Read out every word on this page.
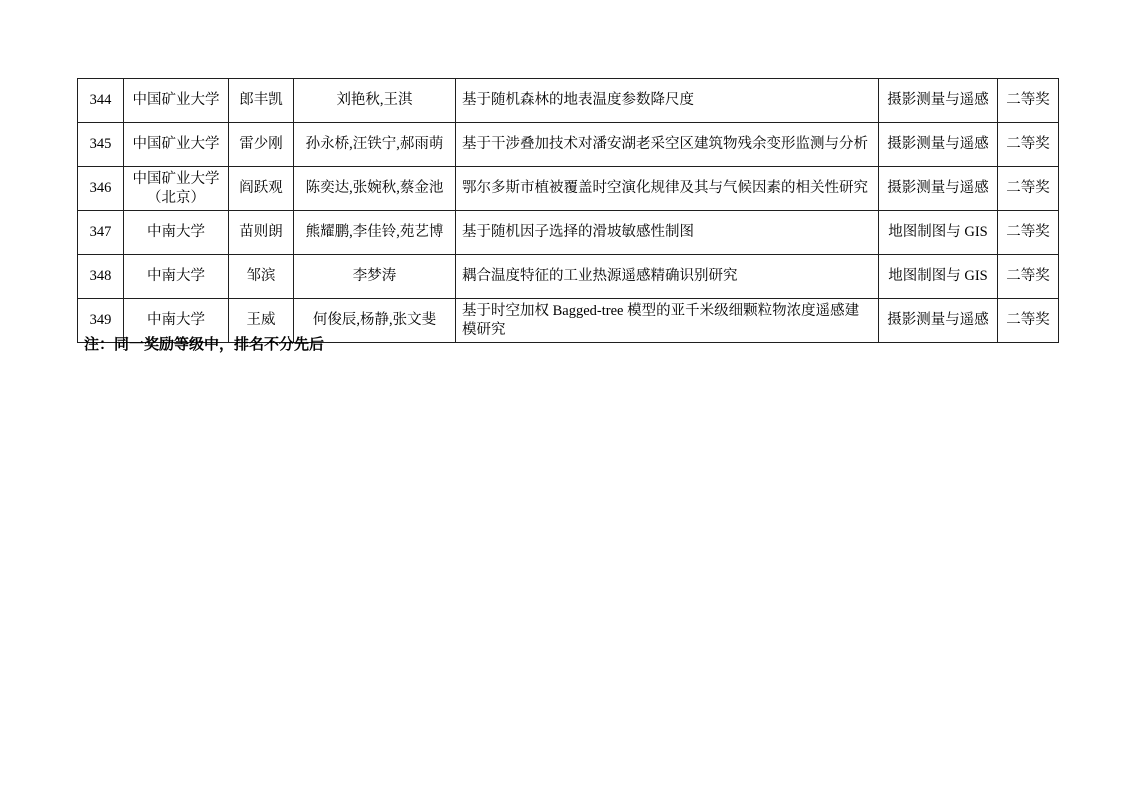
344	中国矿业大学	郎丰凯	刘艳秋,王淇	基于随机森林的地表温度参数降尺度	摄影测量与遥感	二等奖
345	中国矿业大学	雷少刚	孙永桥,汪铁宁,郝雨萌	基于干涉叠加技术对潘安湖老采空区建筑物残余变形监测与分析	摄影测量与遥感	二等奖
346	中国矿业大学（北京）	阎跃观	陈奕达,张婉秋,蔡金池	鄂尔多斯市植被覆盖时空演化规律及其与气候因素的相关性研究	摄影测量与遥感	二等奖
347	中南大学	苗则朗	熊耀鹏,李佳铃,苑艺博	基于随机因子选择的滑坡敏感性制图	地图制图与 GIS	二等奖
348	中南大学	邹滨	李梦涛	耦合温度特征的工业热源遥感精确识别研究	地图制图与 GIS	二等奖
349	中南大学	王威	何俊辰,杨静,张文斐	基于时空加权 Bagged-tree 模型的亚千米级细颗粒物浓度遥感建模研究	摄影测量与遥感	二等奖
注：同一奖励等级中，排名不分先后
